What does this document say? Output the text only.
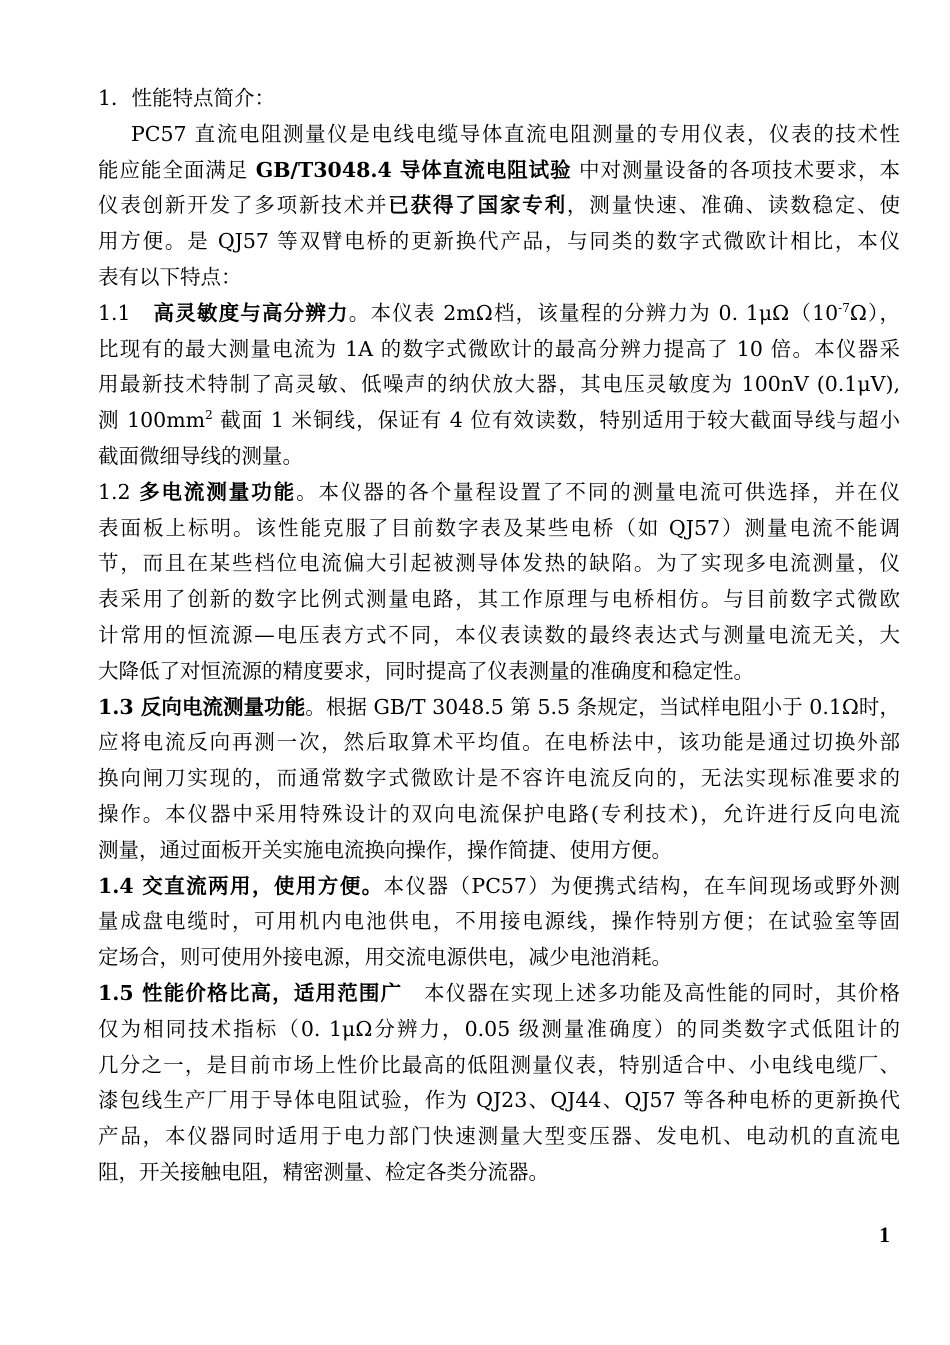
1．性能特点简介：
PC57 直流电阻测量仪是电线电缆导体直流电阻测量的专用仪表，仪表的技术性
能应能全面满足 GB/T3048.4 导体直流电阻试验 中对测量设备的各项技术要求，本
仪表创新开发了多项新技术并已获得了国家专利，测量快速、准确、读数稳定、使
用方便。是 QJ57 等双臂电桥的更新换代产品，与同类的数字式微欧计相比，本仪
表有以下特点：
1.1　高灵敏度与高分辨力。本仪表 2mΩ档，该量程的分辨力为 0. $1\mu\Omega(10^{-7}\Omega)$，
比现有的最大测量电流为 1A 的数字式微欧计的最高分辨力提高了 10 倍。本仪器采
用最新技术特制了高灵敏、低噪声的纳伏放大器，其电压灵敏度为 100nV (0.1μV),
测 $100mm^2$ 截面 1 米铜线，保证有 4 位有效读数，特别适用于较大截面导线与超小
截面微细导线的测量。
1.2 多电流测量功能。本仪器的各个量程设置了不同的测量电流可供选择，并在仪
表面板上标明。该性能克服了目前数字表及某些电桥（如 QJ57）测量电流不能调
节，而且在某些档位电流偏大引起被测导体发热的缺陷。为了实现多电流测量，仪
表采用了创新的数字比例式测量电路，其工作原理与电桥相仿。与目前数字式微欧
计常用的恒流源—电压表方式不同，本仪表读数的最终表达式与测量电流无关，大
大降低了对恒流源的精度要求，同时提高了仪表测量的准确度和稳定性。
1.3 反向电流测量功能。根据 GB/T 3048.5 第 5.5 条规定，当试样电阻小于 0.1Ω时，
应将电流反向再测一次，然后取算术平均值。在电桥法中，该功能是通过切换外部
换向闸刀实现的，而通常数字式微欧计是不容许电流反向的，无法实现标准要求的
操作。本仪器中采用特殊设计的双向电流保护电路(专利技术)，允许进行反向电流
测量，通过面板开关实施电流换向操作，操作简捷、使用方便。
1.4 交直流两用，使用方便。本仪器（PC57）为便携式结构，在车间现场或野外测
量成盘电缆时，可用机内电池供电，不用接电源线，操作特别方便；在试验室等固
定场合，则可使用外接电源，用交流电源供电，减少电池消耗。
1.5 性能价格比高，适用范围广　本仪器在实现上述多功能及高性能的同时，其价格
仅为相同技术指标（0. 1μΩ分辨力，0.05 级测量准确度）的同类数字式低阻计的
几分之一，是目前市场上性价比最高的低阻测量仪表，特别适合中、小电线电缆厂、
漆包线生产厂用于导体电阻试验，作为 QJ23、QJ44、QJ57 等各种电桥的更新换代
产品，本仪器同时适用于电力部门快速测量大型变压器、发电机、电动机的直流电
阻，开关接触电阻，精密测量、检定各类分流器。
1
